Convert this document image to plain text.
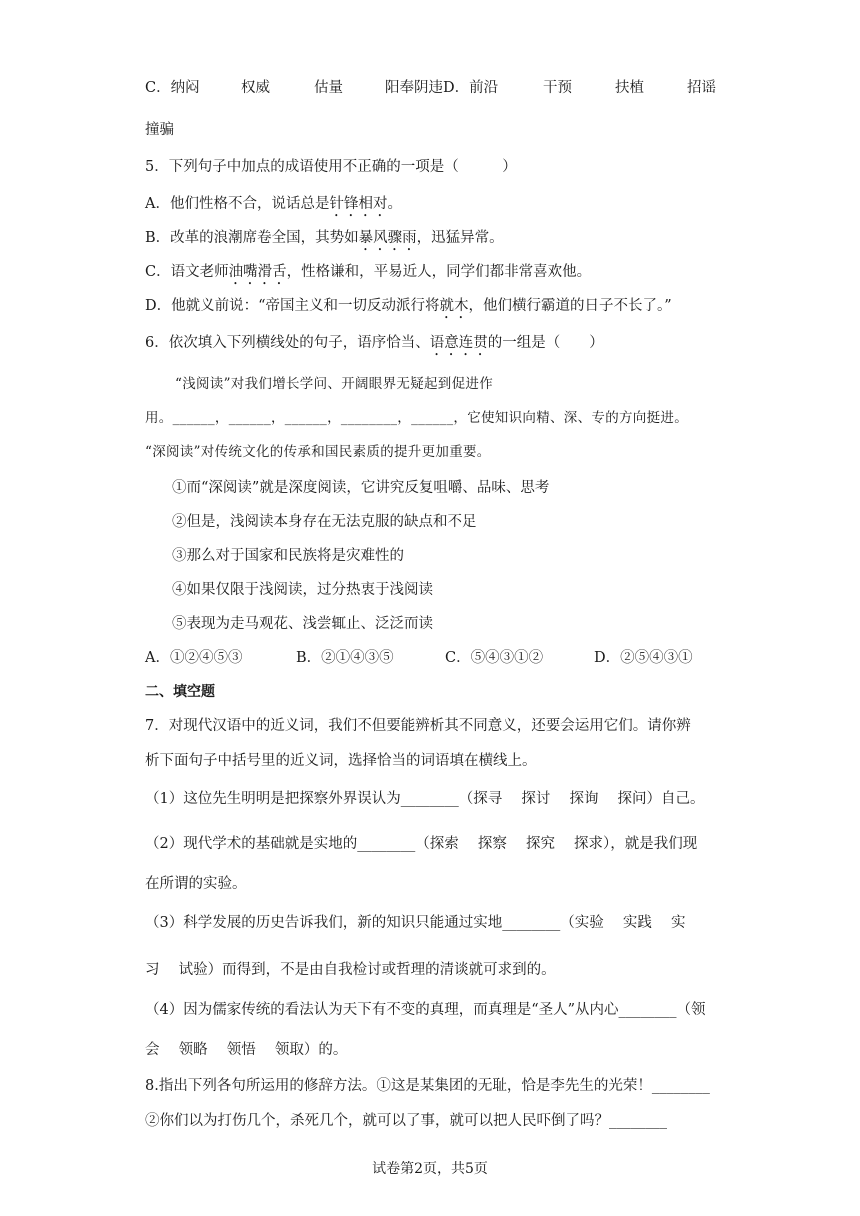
C．纳闷	权威	估量	阳奉阴违D．前沿	干预	扶植	招谣
撞骗
5．下列句子中加点的成语使用不正确的一项是（　　　）
A．他们性格不合，说话总是针锋相对。
B．改革的浪潮席卷全国，其势如暴风骤雨，迅猛异常。
C．语文老师油嘴滑舌，性格谦和，平易近人，同学们都非常喜欢他。
D．他就义前说：“帝国主义和一切反动派行将就木，他们横行霸道的日子不长了。”
6．依次填入下列横线处的句子，语序恰当、语意连贯的一组是（　　）
“浅阅读”对我们增长学问、开阔眼界无疑起到促进作
用。______，______，______，________，______，它使知识向精、深、专的方向挺进。
“深阅读”对传统文化的传承和国民素质的提升更加重要。
①而“深阅读”就是深度阅读，它讲究反复咀嚼、品味、思考
②但是，浅阅读本身存在无法克服的缺点和不足
③那么对于国家和民族将是灾难性的
④如果仅限于浅阅读，过分热衷于浅阅读
⑤表现为走马观花、浅尝辄止、泛泛而读
A．①②④⑤③	B．②①④③⑤	C．⑤④③①②	D．②⑤④③①
二、填空题
7．对现代汉语中的近义词，我们不但要能辨析其不同意义，还要会运用它们。请你辨
析下面句子中括号里的近义词，选择恰当的词语填在横线上。
（1）这位先生明明是把探察外界误认为________（探寻　 探讨　 探询　 探问）自己。
（2）现代学术的基础就是实地的________（探索　 探察　 探究　 探求），就是我们现
在所谓的实验。
（3）科学发展的历史告诉我们，新的知识只能通过实地________（实验　 实践　 实
习　 试验）而得到，不是由自我检讨或哲理的清谈就可求到的。
（4）因为儒家传统的看法认为天下有不变的真理，而真理是“圣人”从内心________（领
会　 领略　 领悟　 领取）的。
8.指出下列各句所运用的修辞方法。①这是某集团的无耻，恰是李先生的光荣！________
②你们以为打伤几个，杀死几个，就可以了事，就可以把人民吓倒了吗？________
试卷第2页，共5页
